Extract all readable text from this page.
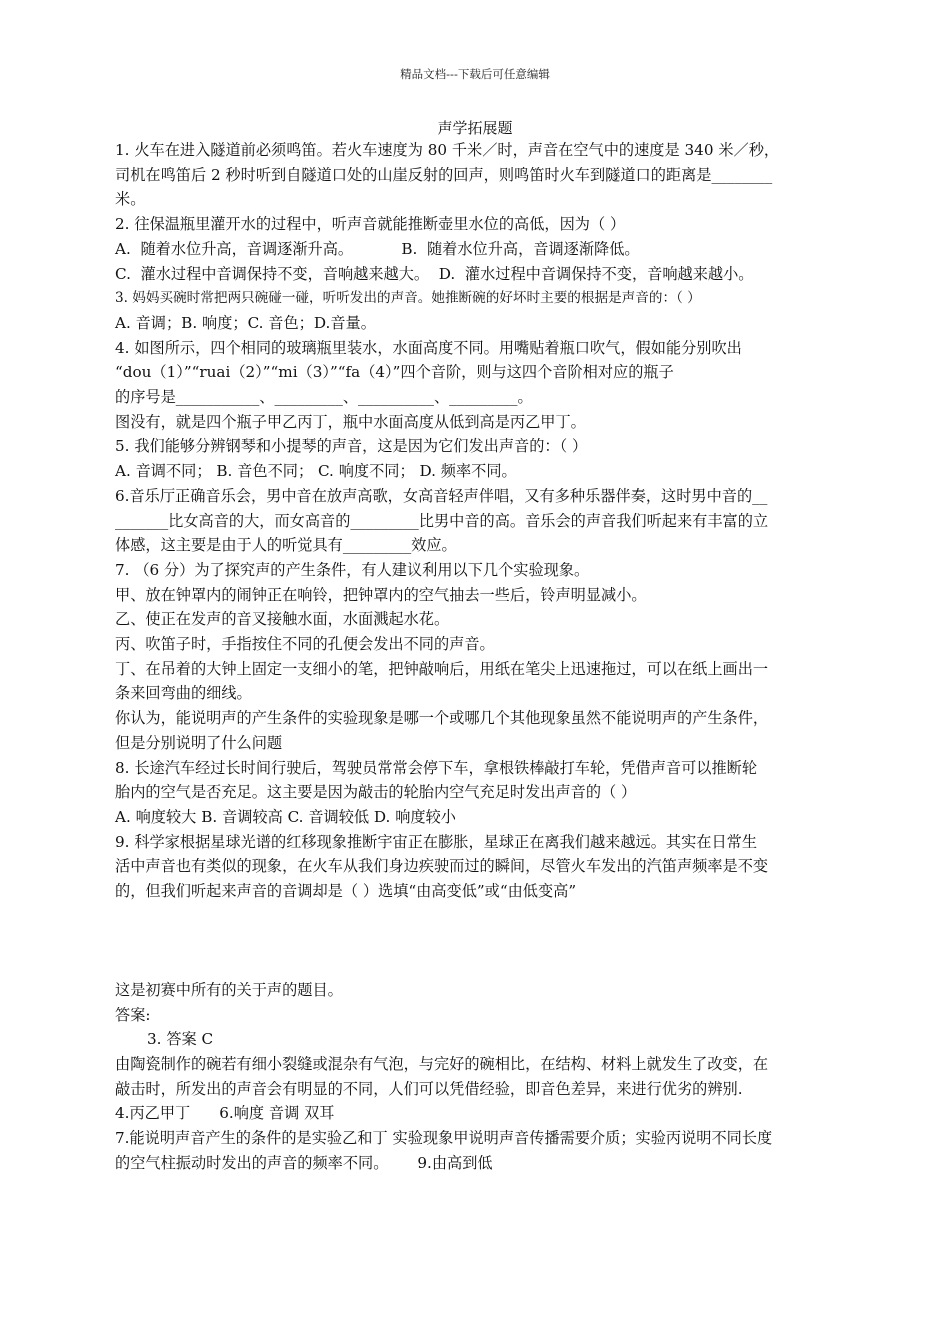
精品文档---下载后可任意编辑
声学拓展题

1. 火车在进入隧道前必须鸣笛。若火车速度为 80 千米／时，声音在空气中的速度是 340 米／秒，

司机在鸣笛后 2 秒时听到自隧道口处的山崖反射的回声，则鸣笛时火车到隧道口的距离是________

米。

2. 往保温瓶里灌开水的过程中，听声音就能推断壶里水位的高低，因为（ ）

A.  随着水位升高，音调逐渐升高。          B.  随着水位升高，音调逐渐降低。

C.  灌水过程中音调保持不变，音响越来越大。  D.  灌水过程中音调保持不变，音响越来越小。

3. 妈妈买碗时常把两只碗碰一碰，听听发出的声音。她推断碗的好坏时主要的根据是声音的：（ ）

A. 音调；B. 响度；C. 音色；D.音量。

4. 如图所示，四个相同的玻璃瓶里装水，水面高度不同。用嘴贴着瓶口吹气，假如能分别吹出

“dou（1）”“ruai（2）”“mi（3）”“fa（4）”四个音阶，则与这四个音阶相对应的瓶子

的序号是___________、_________、__________、_________。

图没有，就是四个瓶子甲乙丙丁，瓶中水面高度从低到高是丙乙甲丁。

5. 我们能够分辨钢琴和小提琴的声音，这是因为它们发出声音的：（ ）

A. 音调不同； B. 音色不同； C. 响度不同； D. 频率不同。

6.音乐厅正确音乐会，男中音在放声高歌，女高音轻声伴唱，又有多种乐器伴奏，这时男中音的__

_______比女高音的大，而女高音的_________比男中音的高。音乐会的声音我们听起来有丰富的立

体感，这主要是由于人的听觉具有_________效应。

7. （6 分）为了探究声的产生条件，有人建议利用以下几个实验现象。

甲、放在钟罩内的闹钟正在响铃，把钟罩内的空气抽去一些后，铃声明显减小。

乙、使正在发声的音叉接触水面，水面溅起水花。

丙、吹笛子时，手指按住不同的孔便会发出不同的声音。

丁、在吊着的大钟上固定一支细小的笔，把钟敲响后，用纸在笔尖上迅速拖过，可以在纸上画出一

条来回弯曲的细线。

你认为，能说明声的产生条件的实验现象是哪一个或哪几个其他现象虽然不能说明声的产生条件，

但是分别说明了什么问题

8. 长途汽车经过长时间行驶后，驾驶员常常会停下车，拿根铁棒敲打车轮，凭借声音可以推断轮

胎内的空气是否充足。这主要是因为敲击的轮胎内空气充足时发出声音的（ ）

A. 响度较大 B. 音调较高 C. 音调较低 D. 响度较小

9. 科学家根据星球光谱的红移现象推断宇宙正在膨胀，星球正在离我们越来越远。其实在日常生

活中声音也有类似的现象，在火车从我们身边疾驶而过的瞬间，尽管火车发出的汽笛声频率是不变

的，但我们听起来声音的音调却是（ ）选填“由高变低”或“由低变高”

这是初赛中所有的关于声的题目。

答案:

3. 答案 C

由陶瓷制作的碗若有细小裂缝或混杂有气泡，与完好的碗相比，在结构、材料上就发生了改变，在

敲击时，所发出的声音会有明显的不同，人们可以凭借经验，即音色差异，来进行优劣的辨别.

4.丙乙甲丁      6.响度 音调 双耳

7.能说明声音产生的条件的是实验乙和丁 实验现象甲说明声音传播需要介质；实验丙说明不同长度

的空气柱振动时发出的声音的频率不同。      9.由高到低
